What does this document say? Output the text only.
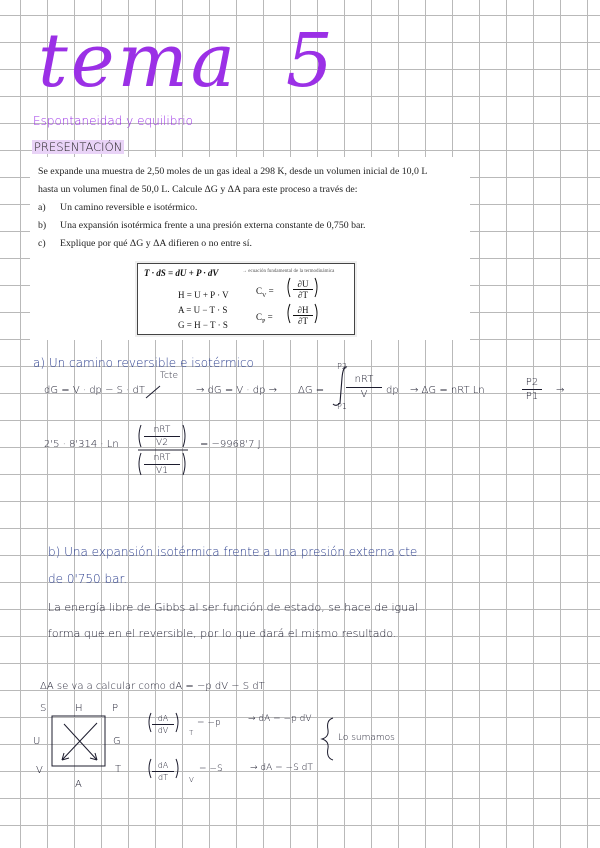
tema 5
Espontaneidad y equilibrio
PRESENTACIÓN

Se expande una muestra de 2,50 moles de un gas ideal a 298 K, desde un volumen inicial de 10,0 L

hasta un volumen final de 50,0 L. Calcule ΔG y ΔA para este proceso a través de:

a) Un camino reversible e isotérmico.

b) Una expansión isotérmica frente a una presión externa constante de 0,750 bar.

c) Explique por qué ΔG y ΔA difieren o no entre sí.

T · dS = dU + P · dV	→ ecuación fundamental de la termodinámica
H = U + P · V
A = U − T · S
G = H − T · S
$C_V$ =
∂U
∂T
$C_P$ =
∂H
∂T
a) Un camino reversible e isotérmico
Tcte
dG = V · dp − S · dT	→ dG = V · dp → ΔG =
P2
P1
nRT
V	dp → ΔG = nRT Ln
P2
P1
→
2'5 · 8'314 · Ln
nRT
V2
nRT
V1
= −9968'7 J
b) Una expansión isotérmica frente a una presión externa cte
de 0'750 bar.
La energía libre de Gibbs al ser función de estado, se hace de igual
forma que en el reversible, por lo que dará el mismo resultado.
ΔA se va a calcular como dA = −p dV − S dT
S	H	P
U	G
V	T
A
dA
dV	T
= −p	→ dA = −p dV
dA
dT	V
= −S	→ dA = −S dT
Lo sumamos
